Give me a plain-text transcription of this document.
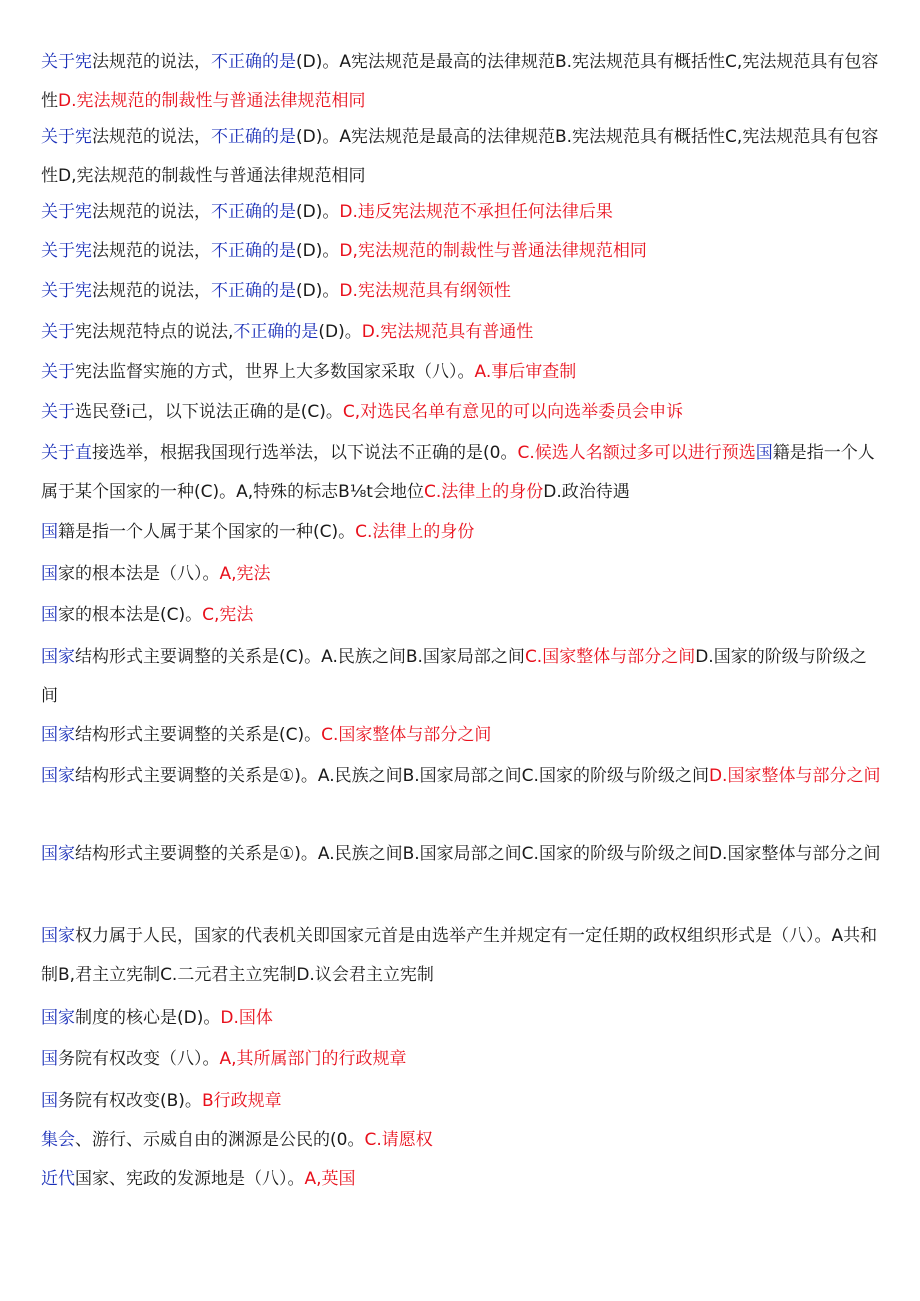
关于宪法规范的说法，不正确的是(D)。A宪法规范是最高的法律规范B.宪法规范具有概括性C,宪法规范具有包容性D.宪法规范的制裁性与普通法律规范相同
关于宪法规范的说法，不正确的是(D)。A宪法规范是最高的法律规范B.宪法规范具有概括性C,宪法规范具有包容性D,宪法规范的制裁性与普通法律规范相同
关于宪法规范的说法，不正确的是(D)。D.违反宪法规范不承担任何法律后果
关于宪法规范的说法，不正确的是(D)。D,宪法规范的制裁性与普通法律规范相同
关于宪法规范的说法，不正确的是(D)。D.宪法规范具有纲领性
关于宪法规范特点的说法,不正确的是(D)。D.宪法规范具有普通性
关于宪法监督实施的方式，世界上大多数国家采取（八）。A.事后审查制
关于选民登i己，以下说法正确的是(C)。C,对选民名单有意见的可以向选举委员会申诉
关于直接选举，根据我国现行选举法，以下说法不正确的是(0。C.候选人名额过多可以进行预选国籍是指一个人属于某个国家的一种(C)。A,特殊的标志B⅛t会地位C.法律上的身份D.政治待遇
国籍是指一个人属于某个国家的一种(C)。C.法律上的身份
国家的根本法是（八）。A,宪法
国家的根本法是(C)。C,宪法
国家结构形式主要调整的关系是(C)。A.民族之间B.国家局部之间C.国家整体与部分之间D.国家的阶级与阶级之间
国家结构形式主要调整的关系是(C)。C.国家整体与部分之间
国家结构形式主要调整的关系是①)。A.民族之间B.国家局部之间C.国家的阶级与阶级之间D.国家整体与部分之间
国家结构形式主要调整的关系是①)。A.民族之间B.国家局部之间C.国家的阶级与阶级之间D.国家整体与部分之间
国家权力属于人民，国家的代表机关即国家元首是由选举产生并规定有一定任期的政权组织形式是（八）。A共和制B,君主立宪制C.二元君主立宪制D.议会君主立宪制
国家制度的核心是(D)。D.国体
国务院有权改变（八）。A,其所属部门的行政规章
国务院有权改变(B)。B行政规章
集会、游行、示威自由的渊源是公民的(0。C.请愿权
近代国家、宪政的发源地是（八）。A,英国
